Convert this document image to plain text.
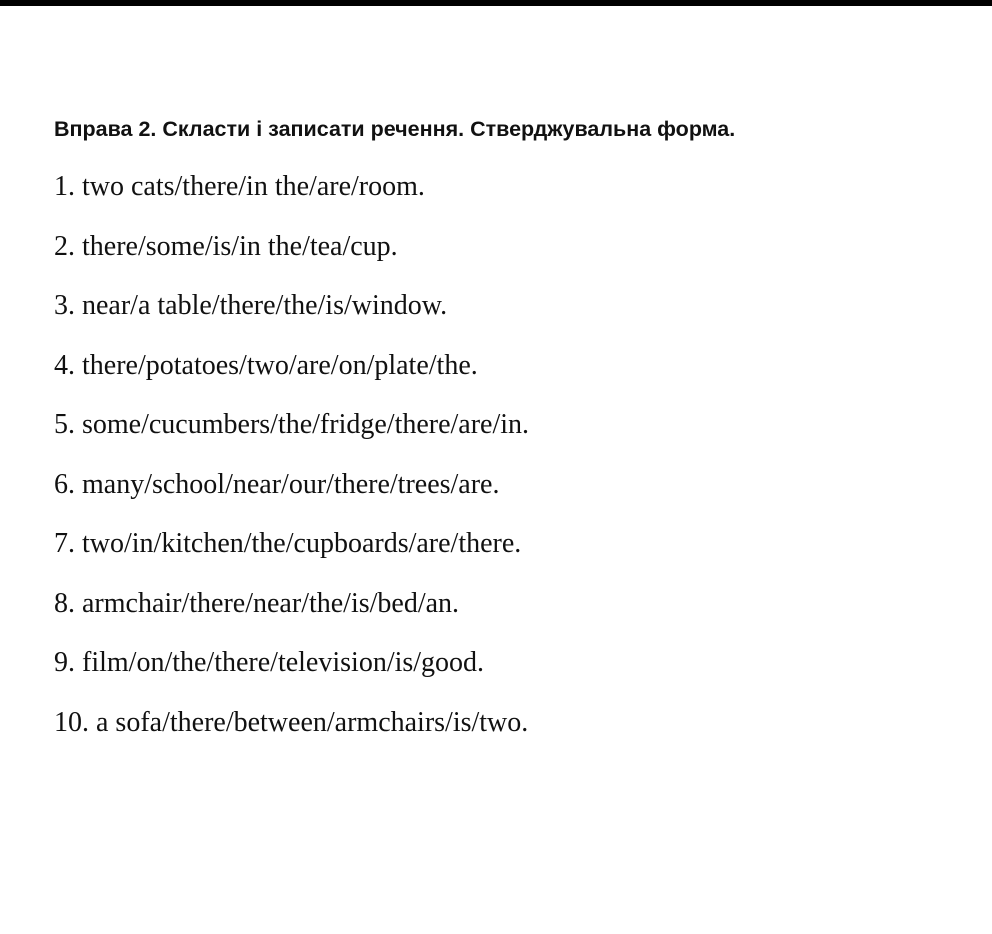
Вправа 2. Скласти і записати речення. Стверджувальна форма.
1. two cats/there/in the/are/room.
2. there/some/is/in the/tea/cup.
3. near/a table/there/the/is/window.
4. there/potatoes/two/are/on/plate/the.
5. some/cucumbers/the/fridge/there/are/in.
6. many/school/near/our/there/trees/are.
7. two/in/kitchen/the/cupboards/are/there.
8. armchair/there/near/the/is/bed/an.
9. film/on/the/there/television/is/good.
10. a sofa/there/between/armchairs/is/two.
